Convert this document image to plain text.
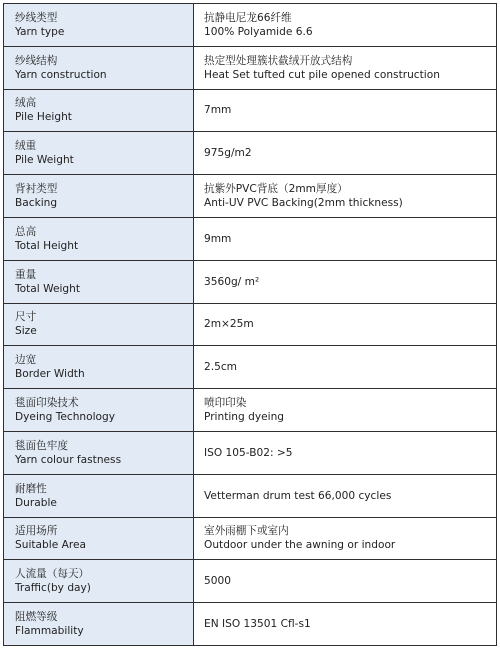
纱线类型
Yarn type	抗静电尼龙66纤维
100% Polyamide 6.6

纱线结构
Yarn construction	热定型处理簇状截绒开放式结构
Heat Set tufted cut pile opened construction

绒高
Pile Height	7mm

绒重
Pile Weight	975g/m2

背衬类型
Backing	抗紫外PVC背底（2mm厚度）
Anti-UV PVC Backing(2mm thickness)

总高
Total Height	9mm

重量
Total Weight	3560g/ m²

尺寸
Size	2m×25m

边宽
Border Width	2.5cm

毯面印染技术
Dyeing Technology	喷印印染
Printing dyeing

毯面色牢度
Yarn colour fastness	ISO 105-B02: >5

耐磨性
Durable	Vetterman drum test 66,000 cycles

适用场所
Suitable Area	室外雨棚下或室内
Outdoor under the awning or indoor

人流量（每天）
Traffic(by day)	5000

阻燃等级
Flammability	EN ISO 13501 Cfl-s1
